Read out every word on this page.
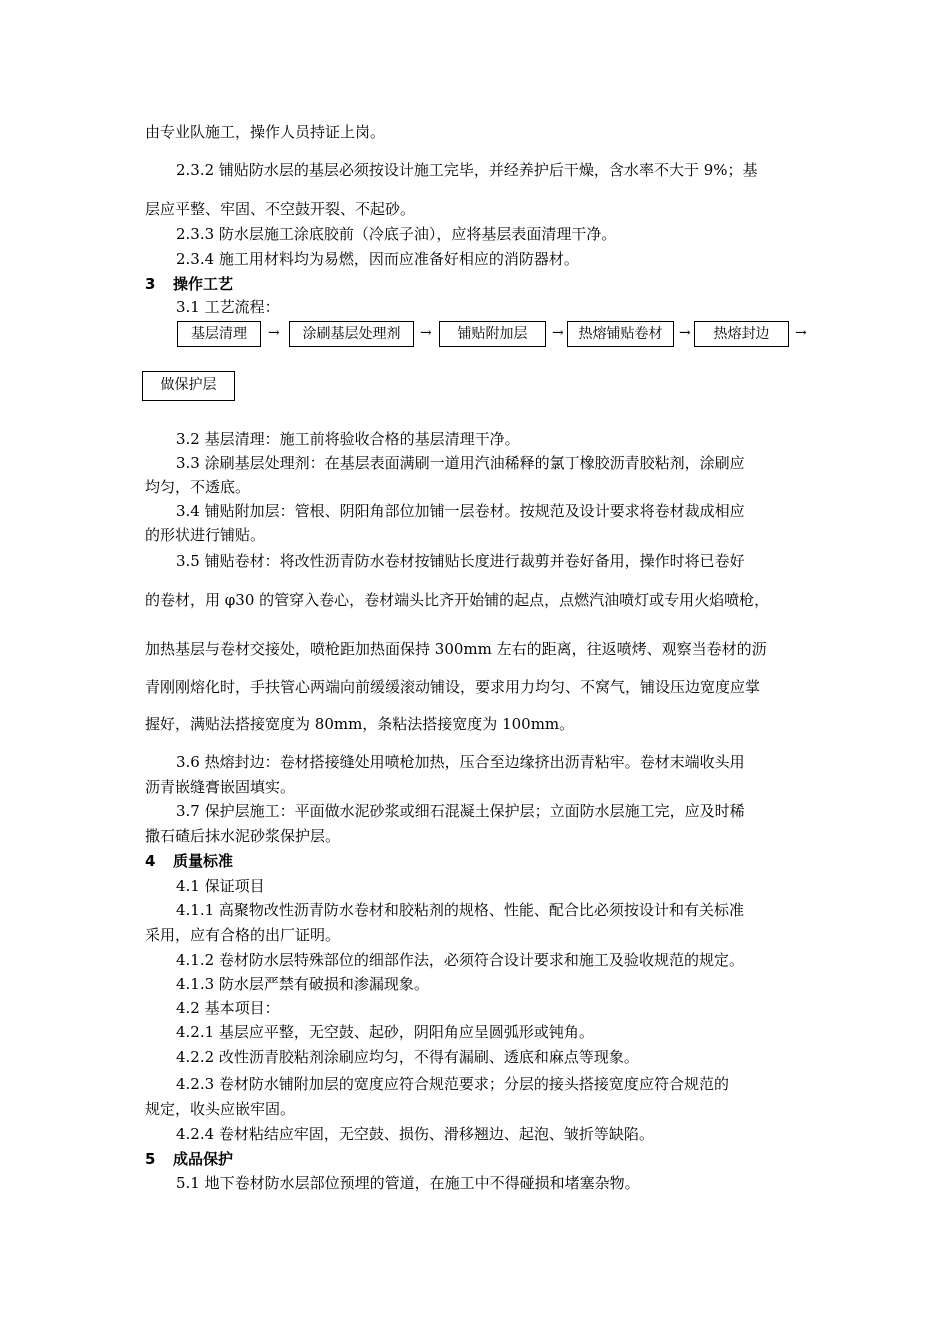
由专业队施工，操作人员持证上岗。
2.3.2 铺贴防水层的基层必须按设计施工完毕，并经养护后干燥，含水率不大于 9%；基
层应平整、牢固、不空鼓开裂、不起砂。
2.3.3 防水层施工涂底胶前（冷底子油），应将基层表面清理干净。
2.3.4 施工用材料均为易燃，因而应准备好相应的消防器材。
3 操作工艺
3.1 工艺流程：
基层清理	→	涂刷基层处理剂	→	铺贴附加层	→	热熔铺贴卷材	→	热熔封边	→
做保护层
3.2 基层清理：施工前将验收合格的基层清理干净。
3.3 涂刷基层处理剂：在基层表面满刷一道用汽油稀释的氯丁橡胶沥青胶粘剂，涂刷应
均匀，不透底。
3.4 铺贴附加层：管根、阴阳角部位加铺一层卷材。按规范及设计要求将卷材裁成相应
的形状进行铺贴。
3.5 铺贴卷材：将改性沥青防水卷材按铺贴长度进行裁剪并卷好备用，操作时将已卷好
的卷材，用 φ30 的管穿入卷心，卷材端头比齐开始铺的起点，点燃汽油喷灯或专用火焰喷枪，
加热基层与卷材交接处，喷枪距加热面保持 300mm 左右的距离，往返喷烤、观察当卷材的沥
青刚刚熔化时，手扶管心两端向前缓缓滚动铺设，要求用力均匀、不窝气，铺设压边宽度应掌
握好，满贴法搭接宽度为 80mm，条粘法搭接宽度为 100mm。
3.6 热熔封边：卷材搭接缝处用喷枪加热，压合至边缘挤出沥青粘牢。卷材末端收头用
沥青嵌缝膏嵌固填实。
3.7 保护层施工：平面做水泥砂浆或细石混凝土保护层；立面防水层施工完，应及时稀
撒石碴后抹水泥砂浆保护层。
4 质量标准
4.1 保证项目
4.1.1 高聚物改性沥青防水卷材和胶粘剂的规格、性能、配合比必须按设计和有关标准
采用，应有合格的出厂证明。
4.1.2 卷材防水层特殊部位的细部作法，必须符合设计要求和施工及验收规范的规定。
4.1.3 防水层严禁有破损和渗漏现象。
4.2 基本项目：
4.2.1 基层应平整，无空鼓、起砂，阴阳角应呈圆弧形或钝角。
4.2.2 改性沥青胶粘剂涂刷应均匀，不得有漏刷、透底和麻点等现象。
4.2.3 卷材防水铺附加层的宽度应符合规范要求；分层的接头搭接宽度应符合规范的
规定，收头应嵌牢固。
4.2.4 卷材粘结应牢固，无空鼓、损伤、滑移翘边、起泡、皱折等缺陷。
5 成品保护
5.1 地下卷材防水层部位预埋的管道，在施工中不得碰损和堵塞杂物。
